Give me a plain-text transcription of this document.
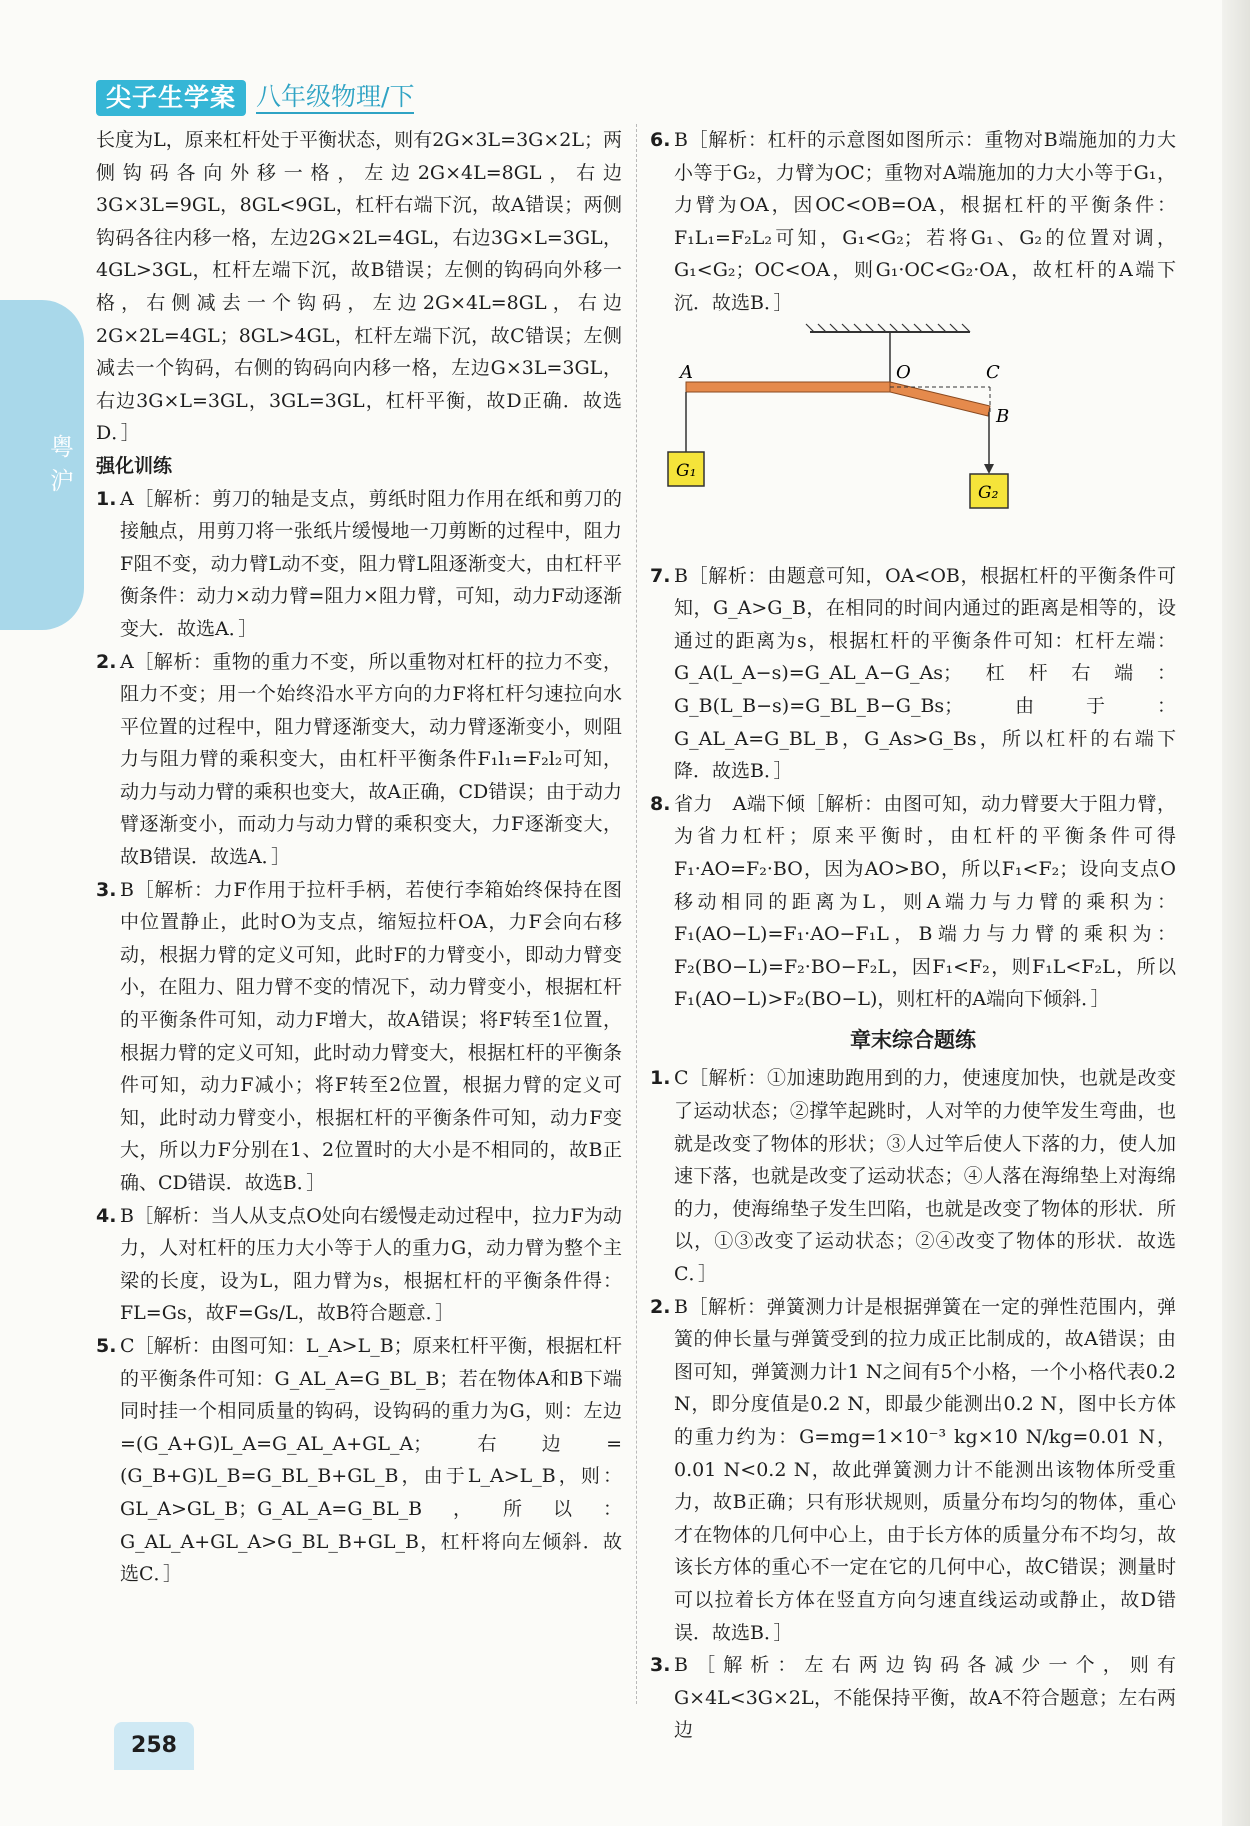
粤沪
尖子生学案 八年级物理/下
长度为L，原来杠杆处于平衡状态，则有2G×3L=3G×2L；两侧钩码各向外移一格，左边2G×4L=8GL，右边3G×3L=9GL，8GL<9GL，杠杆右端下沉，故A错误；两侧钩码各往内移一格，左边2G×2L=4GL，右边3G×L=3GL，4GL>3GL，杠杆左端下沉，故B错误；左侧的钩码向外移一格，右侧减去一个钩码，左边2G×4L=8GL，右边2G×2L=4GL；8GL>4GL，杠杆左端下沉，故C错误；左侧减去一个钩码，右侧的钩码向内移一格，左边G×3L=3GL，右边3G×L=3GL，3GL=3GL，杠杆平衡，故D正确．故选D．］
强化训练
1. A［解析：剪刀的轴是支点，剪纸时阻力作用在纸和剪刀的接触点，用剪刀将一张纸片缓慢地一刀剪断的过程中，阻力F阻不变，动力臂L动不变，阻力臂L阻逐渐变大，由杠杆平衡条件：动力×动力臂=阻力×阻力臂，可知，动力F动逐渐变大．故选A．］
2. A［解析：重物的重力不变，所以重物对杠杆的拉力不变，阻力不变；用一个始终沿水平方向的力F将杠杆匀速拉向水平位置的过程中，阻力臂逐渐变大，动力臂逐渐变小，则阻力与阻力臂的乘积变大，由杠杆平衡条件F₁l₁=F₂l₂可知，动力与动力臂的乘积也变大，故A正确，CD错误；由于动力臂逐渐变小，而动力与动力臂的乘积变大，力F逐渐变大，故B错误．故选A．］
3. B［解析：力F作用于拉杆手柄，若使行李箱始终保持在图中位置静止，此时O为支点，缩短拉杆OA，力F会向右移动，根据力臂的定义可知，此时F的力臂变小，即动力臂变小，在阻力、阻力臂不变的情况下，动力臂变小，根据杠杆的平衡条件可知，动力F增大，故A错误；将F转至1位置，根据力臂的定义可知，此时动力臂变大，根据杠杆的平衡条件可知，动力F减小；将F转至2位置，根据力臂的定义可知，此时动力臂变小，根据杠杆的平衡条件可知，动力F变大，所以力F分别在1、2位置时的大小是不相同的，故B正确、CD错误．故选B．］
4. B［解析：当人从支点O处向右缓慢走动过程中，拉力F为动力，人对杠杆的压力大小等于人的重力G，动力臂为整个主梁的长度，设为L，阻力臂为s，根据杠杆的平衡条件得：FL=Gs，故F=Gs/L，故B符合题意．］
5. C［解析：由图可知：L_A>L_B；原来杠杆平衡，根据杠杆的平衡条件可知：G_AL_A=G_BL_B；若在物体A和B下端同时挂一个相同质量的钩码，设钩码的重力为G，则：左边=(G_A+G)L_A=G_AL_A+GL_A；右边=(G_B+G)L_B=G_BL_B+GL_B，由于L_A>L_B，则：GL_A>GL_B；G_AL_A=G_BL_B，所以：G_AL_A+GL_A>G_BL_B+GL_B，杠杆将向左倾斜．故选C．］
6. B［解析：杠杆的示意图如图所示：重物对B端施加的力大小等于G₂，力臂为OC；重物对A端施加的力大小等于G₁，力臂为OA，因OC<OB=OA，根据杠杆的平衡条件：F₁L₁=F₂L₂可知，G₁<G₂；若将G₁、G₂的位置对调，G₁<G₂；OC<OA，则G₁·OC<G₂·OA，故杠杆的A端下沉．故选B．］
A	O	C
B
G₁
G₂
7. B［解析：由题意可知，OA<OB，根据杠杆的平衡条件可知，G_A>G_B，在相同的时间内通过的距离是相等的，设通过的距离为s，根据杠杆的平衡条件可知：杠杆左端：G_A(L_A−s)=G_AL_A−G_As；杠杆右端：G_B(L_B−s)=G_BL_B−G_Bs；由于：G_AL_A=G_BL_B，G_As>G_Bs，所以杠杆的右端下降．故选B．］
8. 省力　A端下倾［解析：由图可知，动力臂要大于阻力臂，为省力杠杆；原来平衡时，由杠杆的平衡条件可得F₁·AO=F₂·BO，因为AO>BO，所以F₁<F₂；设向支点O移动相同的距离为L，则A端力与力臂的乘积为：F₁(AO−L)=F₁·AO−F₁L，B端力与力臂的乘积为：F₂(BO−L)=F₂·BO−F₂L，因F₁<F₂，则F₁L<F₂L，所以F₁(AO−L)>F₂(BO−L)，则杠杆的A端向下倾斜．］
章末综合题练
1. C［解析：①加速助跑用到的力，使速度加快，也就是改变了运动状态；②撑竿起跳时，人对竿的力使竿发生弯曲，也就是改变了物体的形状；③人过竿后使人下落的力，使人加速下落，也就是改变了运动状态；④人落在海绵垫上对海绵的力，使海绵垫子发生凹陷，也就是改变了物体的形状．所以，①③改变了运动状态；②④改变了物体的形状．故选C．］
2. B［解析：弹簧测力计是根据弹簧在一定的弹性范围内，弹簧的伸长量与弹簧受到的拉力成正比制成的，故A错误；由图可知，弹簧测力计1 N之间有5个小格，一个小格代表0.2 N，即分度值是0.2 N，即最少能测出0.2 N，图中长方体的重力约为：G=mg=1×10⁻³ kg×10 N/kg=0.01 N，0.01 N<0.2 N，故此弹簧测力计不能测出该物体所受重力，故B正确；只有形状规则，质量分布均匀的物体，重心才在物体的几何中心上，由于长方体的质量分布不均匀，故该长方体的重心不一定在它的几何中心，故C错误；测量时可以拉着长方体在竖直方向匀速直线运动或静止，故D错误．故选B．］
3. B［解析：左右两边钩码各减少一个，则有G×4L<3G×2L，不能保持平衡，故A不符合题意；左右两边
258
